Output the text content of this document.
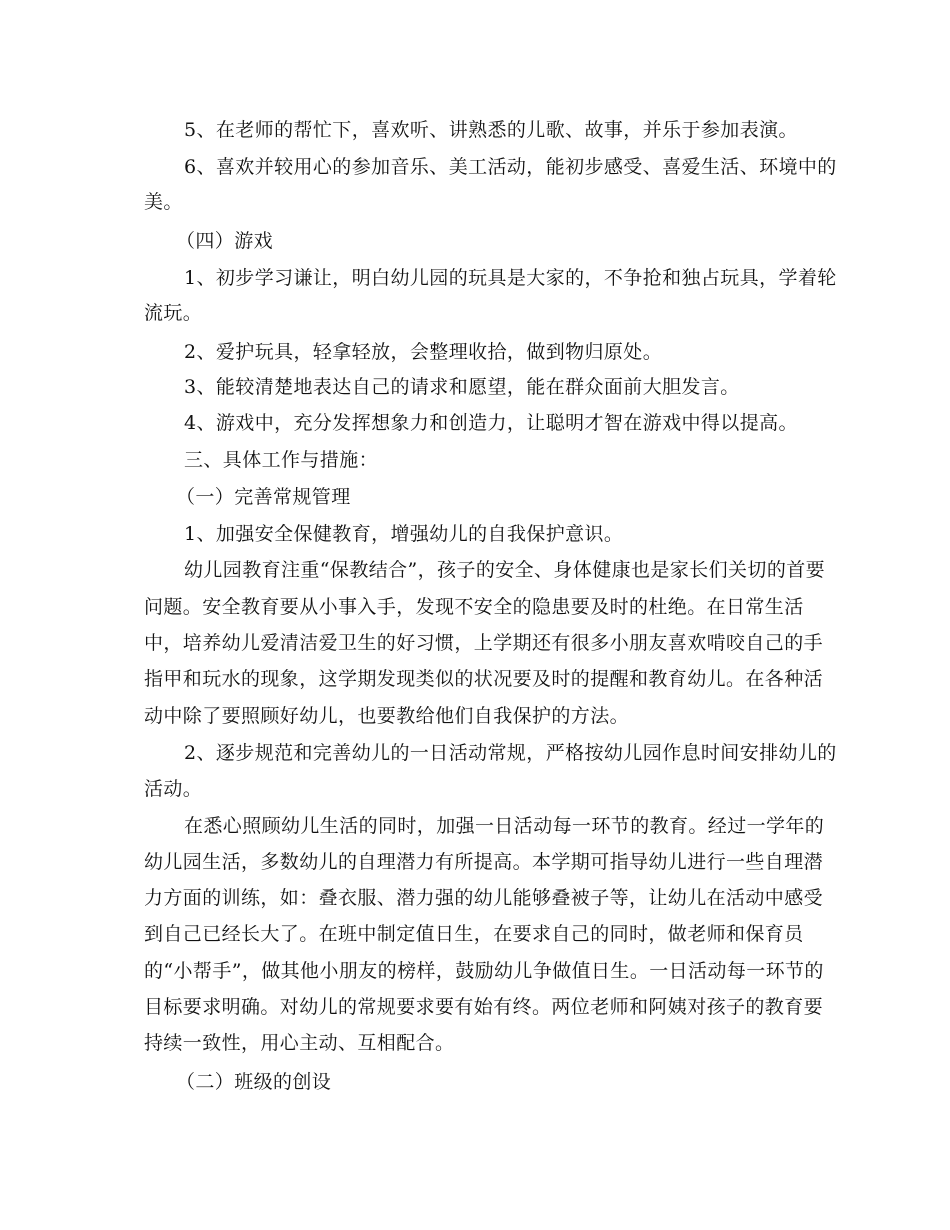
5、在老师的帮忙下，喜欢听、讲熟悉的儿歌、故事，并乐于参加表演。
6、喜欢并较用心的参加音乐、美工活动，能初步感受、喜爱生活、环境中的
美。
（四）游戏
1、初步学习谦让，明白幼儿园的玩具是大家的，不争抢和独占玩具，学着轮
流玩。
2、爱护玩具，轻拿轻放，会整理收拾，做到物归原处。
3、能较清楚地表达自己的请求和愿望，能在群众面前大胆发言。
4、游戏中，充分发挥想象力和创造力，让聪明才智在游戏中得以提高。
三、具体工作与措施：
（一）完善常规管理
1、加强安全保健教育，增强幼儿的自我保护意识。
幼儿园教育注重“保教结合”，孩子的安全、身体健康也是家长们关切的首要
问题。安全教育要从小事入手，发现不安全的隐患要及时的杜绝。在日常生活
中，培养幼儿爱清洁爱卫生的好习惯，上学期还有很多小朋友喜欢啃咬自己的手
指甲和玩水的现象，这学期发现类似的状况要及时的提醒和教育幼儿。在各种活
动中除了要照顾好幼儿，也要教给他们自我保护的方法。
2、逐步规范和完善幼儿的一日活动常规，严格按幼儿园作息时间安排幼儿的
活动。
在悉心照顾幼儿生活的同时，加强一日活动每一环节的教育。经过一学年的
幼儿园生活，多数幼儿的自理潜力有所提高。本学期可指导幼儿进行一些自理潜
力方面的训练，如：叠衣服、潜力强的幼儿能够叠被子等，让幼儿在活动中感受
到自己已经长大了。在班中制定值日生，在要求自己的同时，做老师和保育员
的“小帮手”，做其他小朋友的榜样，鼓励幼儿争做值日生。一日活动每一环节的
目标要求明确。对幼儿的常规要求要有始有终。两位老师和阿姨对孩子的教育要
持续一致性，用心主动、互相配合。
（二）班级的创设
